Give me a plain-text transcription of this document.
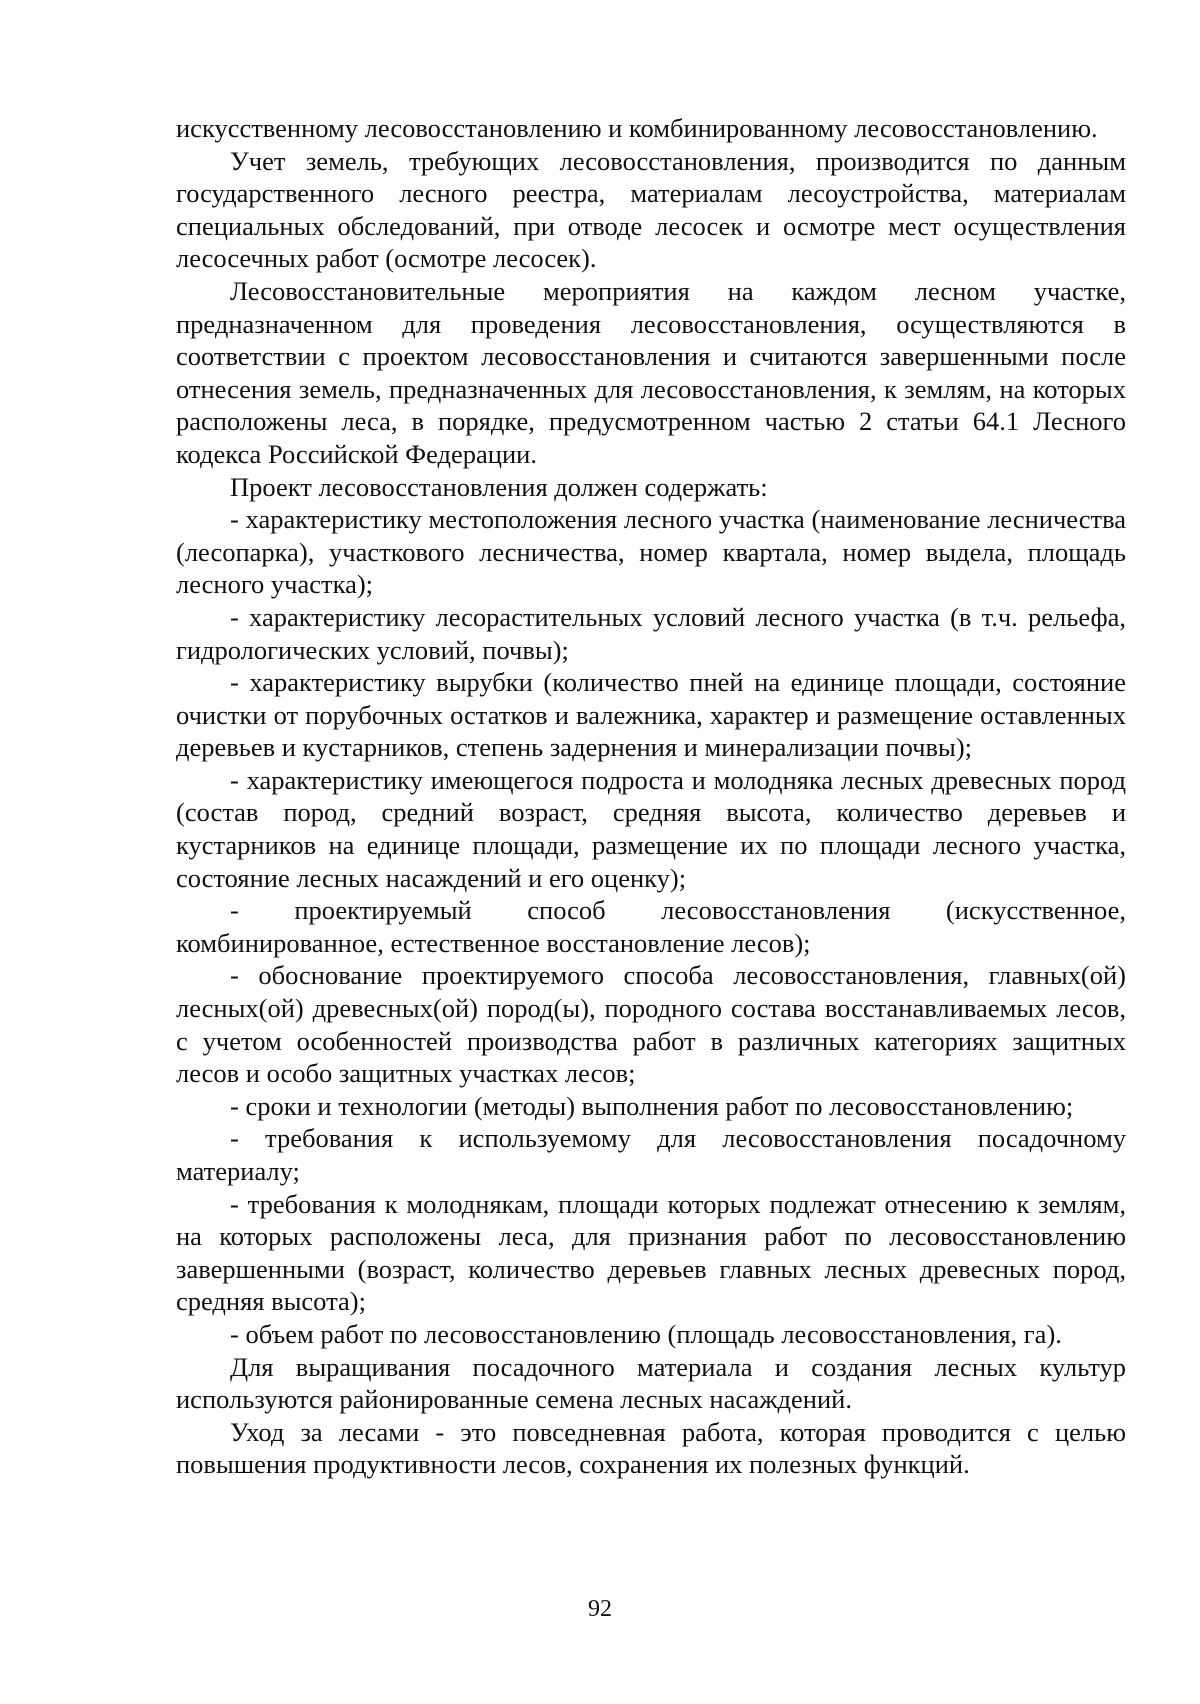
искусственному лесовосстановлению и комбинированному лесовосстановлению.

Учет земель, требующих лесовосстановления, производится по данным государственного лесного реестра, материалам лесоустройства, материалам специальных обследований, при отводе лесосек и осмотре мест осуществления лесосечных работ (осмотре лесосек).

Лесовосстановительные мероприятия на каждом лесном участке, предназначенном для проведения лесовосстановления, осуществляются в соответствии с проектом лесовосстановления и считаются завершенными после отнесения земель, предназначенных для лесовосстановления, к землям, на которых расположены леса, в порядке, предусмотренном частью 2 статьи 64.1 Лесного кодекса Российской Федерации.

Проект лесовосстановления должен содержать:

- характеристику местоположения лесного участка (наименование лесничества (лесопарка), участкового лесничества, номер квартала, номер выдела, площадь лесного участка);

- характеристику лесорастительных условий лесного участка (в т.ч. рельефа, гидрологических условий, почвы);

- характеристику вырубки (количество пней на единице площади, состояние очистки от порубочных остатков и валежника, характер и размещение оставленных деревьев и кустарников, степень задернения и минерализации почвы);

- характеристику имеющегося подроста и молодняка лесных древесных пород (состав пород, средний возраст, средняя высота, количество деревьев и кустарников на единице площади, размещение их по площади лесного участка, состояние лесных насаждений и его оценку);

- проектируемый способ лесовосстановления (искусственное, комбинированное, естественное восстановление лесов);

- обоснование проектируемого способа лесовосстановления, главных(ой) лесных(ой) древесных(ой) пород(ы), породного состава восстанавливаемых лесов, с учетом особенностей производства работ в различных категориях защитных лесов и особо защитных участках лесов;

- сроки и технологии (методы) выполнения работ по лесовосстановлению;

- требования к используемому для лесовосстановления посадочному материалу;

- требования к молоднякам, площади которых подлежат отнесению к землям, на которых расположены леса, для признания работ по лесовосстановлению завершенными (возраст, количество деревьев главных лесных древесных пород, средняя высота);

- объем работ по лесовосстановлению (площадь лесовосстановления, га).

Для выращивания посадочного материала и создания лесных культур используются районированные семена лесных насаждений.

Уход за лесами - это повседневная работа, которая проводится с целью повышения продуктивности лесов, сохранения их полезных функций.

92
